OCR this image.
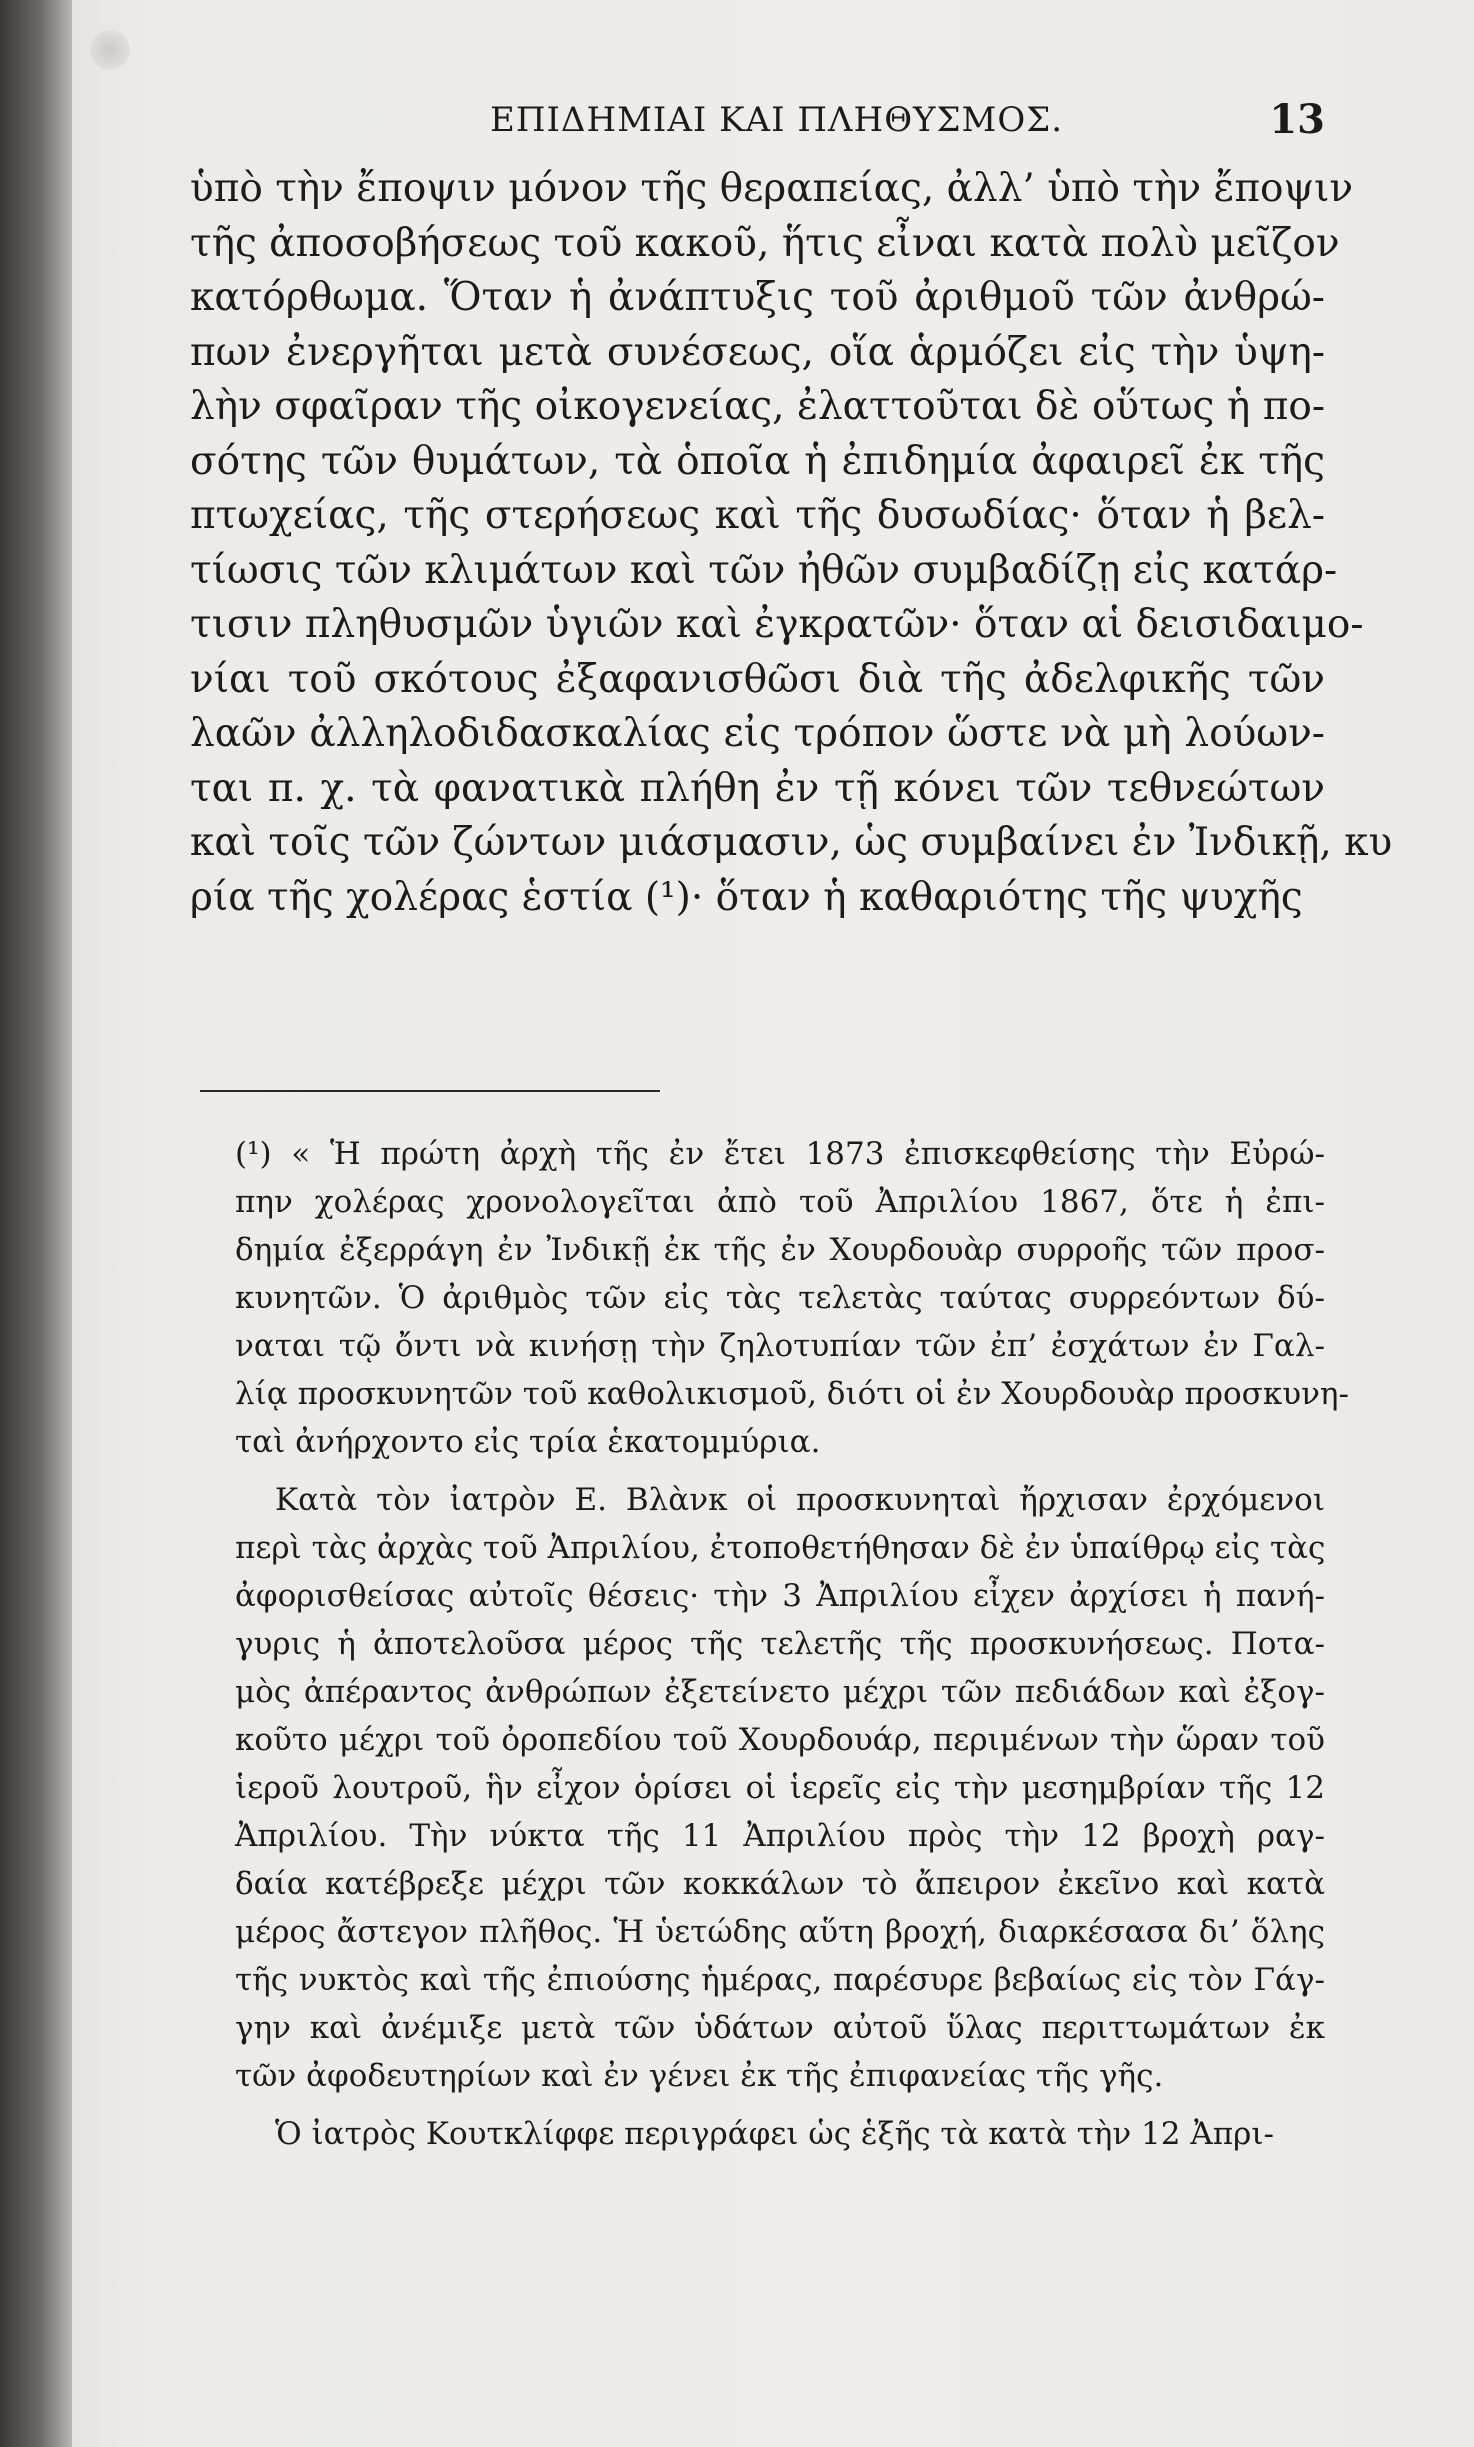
ΕΠΙΔΗΜΙΑΙ ΚΑΙ ΠΛΗΘΥΣΜΟΣ.	13
ὑπὸ τὴν ἔποψιν μόνον τῆς θεραπείας, ἀλλ’ ὑπὸ τὴν ἔποψιν
τῆς ἀποσοβήσεως τοῦ κακοῦ, ἥτις εἶναι κατὰ πολὺ μεῖζον
κατόρθωμα. Ὅταν ἡ ἀνάπτυξις τοῦ ἀριθμοῦ τῶν ἀνθρώ-
πων ἐνεργῆται μετὰ συνέσεως, οἵα ἁρμόζει εἰς τὴν ὑψη-
λὴν σφαῖραν τῆς οἰκογενείας, ἐλαττοῦται δὲ οὕτως ἡ πο-
σότης τῶν θυμάτων, τὰ ὁποῖα ἡ ἐπιδημία ἀφαιρεῖ ἐκ τῆς
πτωχείας, τῆς στερήσεως καὶ τῆς δυσωδίας· ὅταν ἡ βελ-
τίωσις τῶν κλιμάτων καὶ τῶν ἠθῶν συμβαδίζῃ εἰς κατάρ-
τισιν πληθυσμῶν ὑγιῶν καὶ ἐγκρατῶν· ὅταν αἱ δεισιδαιμο-
νίαι τοῦ σκότους ἐξαφανισθῶσι διὰ τῆς ἀδελφικῆς τῶν
λαῶν ἀλληλοδιδασκαλίας εἰς τρόπον ὥστε νὰ μὴ λούων-
ται π. χ. τὰ φανατικὰ πλήθη ἐν τῇ κόνει τῶν τεθνεώτων
καὶ τοῖς τῶν ζώντων μιάσμασιν, ὡς συμβαίνει ἐν Ἰνδικῇ, κυ
ρία τῆς χολέρας ἑστία (¹)· ὅταν ἡ καθαριότης τῆς ψυχῆς
(¹) « Ἡ πρώτη ἀρχὴ τῆς ἐν ἔτει 1873 ἐπισκεφθείσης τὴν Εὐρώ-
πην χολέρας χρονολογεῖται ἀπὸ τοῦ Ἀπριλίου 1867, ὅτε ἡ ἐπι-
δημία ἐξερράγη ἐν Ἰνδικῇ ἐκ τῆς ἐν Χουρδουὰρ συρροῆς τῶν προσ-
κυνητῶν. Ὁ ἀριθμὸς τῶν εἰς τὰς τελετὰς ταύτας συρρεόντων δύ-
ναται τῷ ὄντι νὰ κινήσῃ τὴν ζηλοτυπίαν τῶν ἐπ’ ἐσχάτων ἐν Γαλ-
λίᾳ προσκυνητῶν τοῦ καθολικισμοῦ, διότι οἱ ἐν Χουρδουὰρ προσκυνη-
ταὶ ἀνήρχοντο εἰς τρία ἑκατομμύρια.
Κατὰ τὸν ἰατρὸν Ε. Βλὰνκ οἱ προσκυνηταὶ ἤρχισαν ἐρχόμενοι
περὶ τὰς ἀρχὰς τοῦ Ἀπριλίου, ἐτοποθετήθησαν δὲ ἐν ὑπαίθρῳ εἰς τὰς
ἀφορισθείσας αὐτοῖς θέσεις· τὴν 3 Ἀπριλίου εἶχεν ἀρχίσει ἡ πανή-
γυρις ἡ ἀποτελοῦσα μέρος τῆς τελετῆς τῆς προσκυνήσεως. Ποτα-
μὸς ἀπέραντος ἀνθρώπων ἐξετείνετο μέχρι τῶν πεδιάδων καὶ ἐξογ-
κοῦτο μέχρι τοῦ ὀροπεδίου τοῦ Χουρδουάρ, περιμένων τὴν ὥραν τοῦ
ἱεροῦ λουτροῦ, ἣν εἶχον ὁρίσει οἱ ἱερεῖς εἰς τὴν μεσημβρίαν τῆς 12
Ἀπριλίου. Τὴν νύκτα τῆς 11 Ἀπριλίου πρὸς τὴν 12 βροχὴ ραγ-
δαία κατέβρεξε μέχρι τῶν κοκκάλων τὸ ἄπειρον ἐκεῖνο καὶ κατὰ
μέρος ἄστεγον πλῆθος. Ἡ ὑετώδης αὕτη βροχή, διαρκέσασα δι’ ὅλης
τῆς νυκτὸς καὶ τῆς ἐπιούσης ἡμέρας, παρέσυρε βεβαίως εἰς τὸν Γάγ-
γην καὶ ἀνέμιξε μετὰ τῶν ὑδάτων αὐτοῦ ὕλας περιττωμάτων ἐκ
τῶν ἀφοδευτηρίων καὶ ἐν γένει ἐκ τῆς ἐπιφανείας τῆς γῆς.
Ὁ ἰατρὸς Κουτκλίφφε περιγράφει ὡς ἑξῆς τὰ κατὰ τὴν 12 Ἀπρι-
